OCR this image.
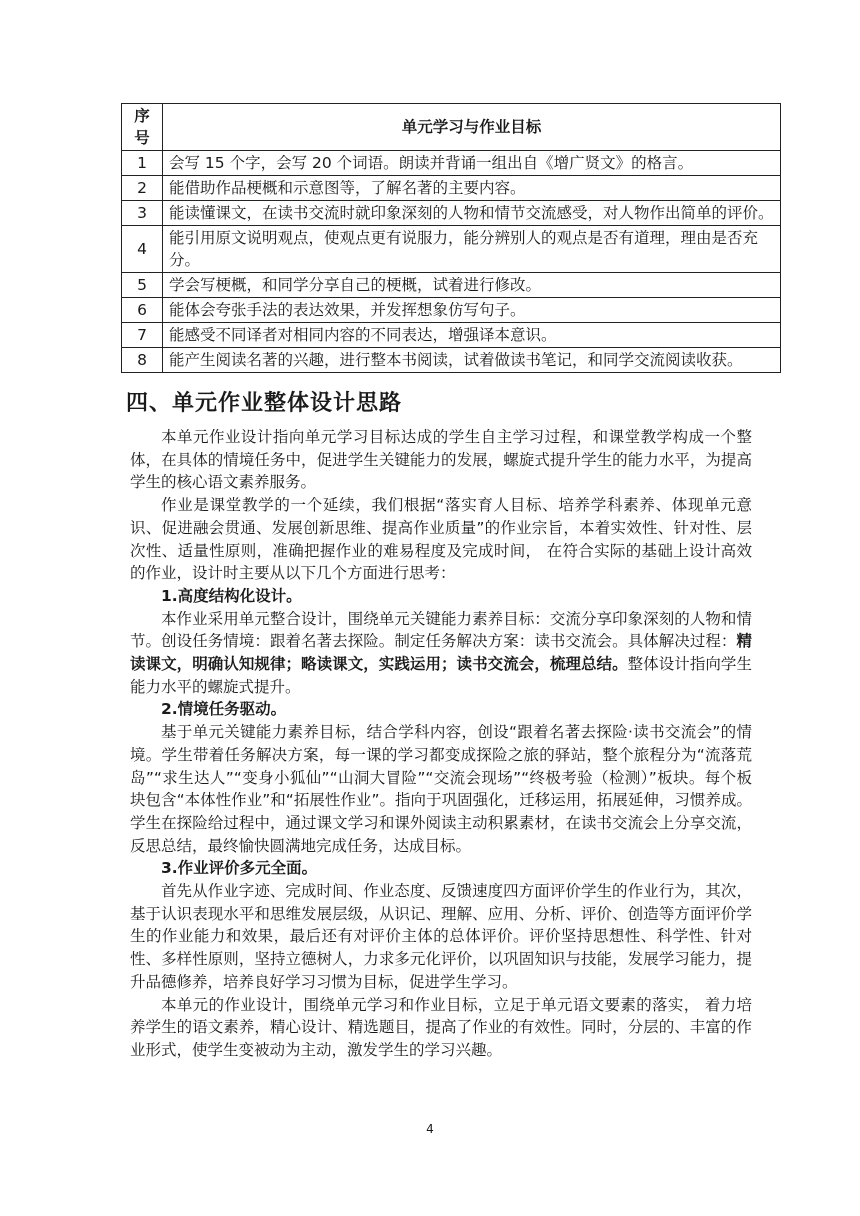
序号	单元学习与作业目标
1	会写 15 个字，会写 20 个词语。朗读并背诵一组出自《增广贤文》的格言。
2	能借助作品梗概和示意图等，了解名著的主要内容。
3	能读懂课文，在读书交流时就印象深刻的人物和情节交流感受，对人物作出简单的评价。
4	能引用原文说明观点，使观点更有说服力，能分辨别人的观点是否有道理，理由是否充分。
5	学会写梗概，和同学分享自己的梗概，试着进行修改。
6	能体会夸张手法的表达效果，并发挥想象仿写句子。
7	能感受不同译者对相同内容的不同表达，增强译本意识。
8	能产生阅读名著的兴趣，进行整本书阅读，试着做读书笔记，和同学交流阅读收获。
四、单元作业整体设计思路

本单元作业设计指向单元学习目标达成的学生自主学习过程，和课堂教学构成一个整体，在具体的情境任务中，促进学生关键能力的发展，螺旋式提升学生的能力水平，为提高学生的核心语文素养服务。

作业是课堂教学的一个延续，我们根据“落实育人目标、培养学科素养、体现单元意识、促进融会贯通、发展创新思维、提高作业质量”的作业宗旨，本着实效性、针对性、层次性、适量性原则，准确把握作业的难易程度及完成时间， 在符合实际的基础上设计高效的作业，设计时主要从以下几个方面进行思考：

1.高度结构化设计。

本作业采用单元整合设计，围绕单元关键能力素养目标：交流分享印象深刻的人物和情节。创设任务情境：跟着名著去探险。制定任务解决方案：读书交流会。具体解决过程：精读课文，明确认知规律；略读课文，实践运用；读书交流会，梳理总结。整体设计指向学生能力水平的螺旋式提升。

2.情境任务驱动。

基于单元关键能力素养目标，结合学科内容，创设“跟着名著去探险·读书交流会”的情境。学生带着任务解决方案，每一课的学习都变成探险之旅的驿站，整个旅程分为“流落荒岛”“求生达人”“变身小狐仙”“山洞大冒险”“交流会现场”“终极考验（检测）”板块。每个板块包含“本体性作业”和“拓展性作业”。指向于巩固强化，迁移运用，拓展延伸，习惯养成。学生在探险给过程中，通过课文学习和课外阅读主动积累素材，在读书交流会上分享交流，反思总结，最终愉快圆满地完成任务，达成目标。

3.作业评价多元全面。

首先从作业字迹、完成时间、作业态度、反馈速度四方面评价学生的作业行为，其次，基于认识表现水平和思维发展层级，从识记、理解、应用、分析、评价、创造等方面评价学生的作业能力和效果，最后还有对评价主体的总体评价。评价坚持思想性、科学性、针对性、多样性原则，坚持立德树人，力求多元化评价，以巩固知识与技能，发展学习能力，提升品德修养，培养良好学习习惯为目标，促进学生学习。

本单元的作业设计，围绕单元学习和作业目标，立足于单元语文要素的落实， 着力培养学生的语文素养，精心设计、精选题目，提高了作业的有效性。同时，分层的、丰富的作业形式，使学生变被动为主动，激发学生的学习兴趣。

4
